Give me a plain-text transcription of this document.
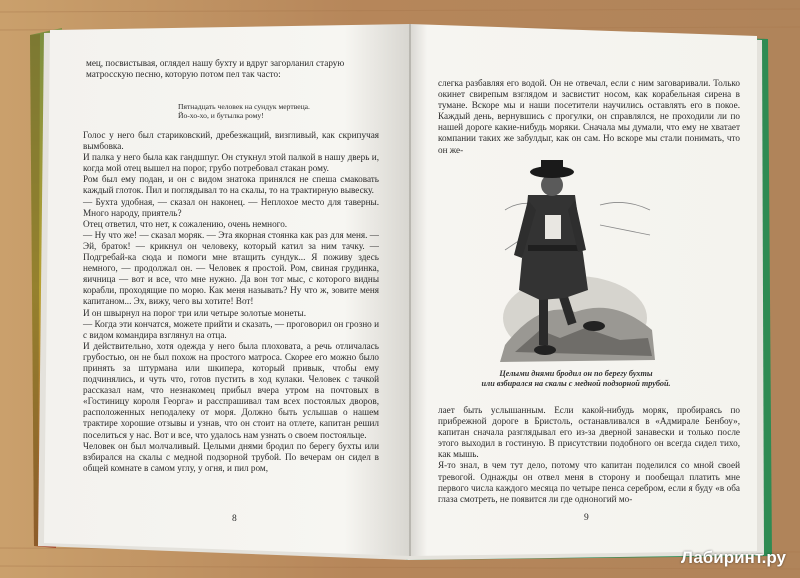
мец, посвистывая, оглядел нашу бухту и вдруг загорланил старую

матросскую песню, которую потом пел так часто:

Пятнадцать человек на сундук мертвеца.
Йо-хо-хо, и бутылка рому!

Голос у него был стариковский, дребезжащий, визгливый, как скрипучая вымбовка.

И палка у него была как гандшпуг. Он стукнул этой палкой в нашу дверь и, когда мой отец вышел на порог, грубо потребовал стакан рому.

Ром был ему подан, и он с видом знатока принялся не спеша смаковать каждый глоток. Пил и поглядывал то на скалы, то на трактирную вывеску.

— Бухта удобная, — сказал он наконец. — Неплохое место для таверны. Много народу, приятель?

Отец ответил, что нет, к сожалению, очень немного.

— Ну что же! — сказал моряк. — Эта якорная стоянка как раз для меня. — Эй, браток! — крикнул он человеку, который катил за ним тачку. — Подгребай-ка сюда и помоги мне втащить сундук... Я поживу здесь немного, — продолжал он. — Человек я простой. Ром, свиная грудинка, яичница — вот и все, что мне нужно. Да вон тот мыс, с которого видны корабли, проходящие по морю. Как меня называть? Ну что ж, зовите меня капитаном... Эх, вижу, чего вы хотите! Вот!

И он швырнул на порог три или четыре золотые монеты.

— Когда эти кончатся, можете прийти и сказать, — проговорил он грозно и с видом командира взглянул на отца.

И действительно, хотя одежда у него была плоховата, а речь отличалась грубостью, он не был похож на простого матроса. Скорее его можно было принять за штурмана или шкипера, который привык, чтобы ему подчинялись, и чуть что, готов пустить в ход кулаки. Человек с тачкой рассказал нам, что незнакомец прибыл вчера утром на почтовых в «Гостиницу короля Георга» и расспрашивал там всех постоялых дворов, расположенных неподалеку от моря. Должно быть услышав о нашем трактире хорошие отзывы и узнав, что он стоит на отлете, капитан решил поселиться у нас. Вот и все, что удалось нам узнать о своем постояльце.

Человек он был молчаливый. Целыми днями бродил по берегу бухты или взбирался на скалы с медной подзорной трубой. По вечерам он сидел в общей комнате в самом углу, у огня, и пил ром,

8

слегка разбавляя его водой. Он не отвечал, если с ним заговаривали. Только окинет свирепым взглядом и засвистит носом, как корабельная сирена в тумане. Вскоре мы и наши посетители научились оставлять его в покое. Каждый день, вернувшись с прогулки, он справлялся, не проходили ли по нашей дороге какие-нибудь моряки. Сначала мы думали, что ему не хватает компании таких же забулдыг, как он сам. Но вскоре мы стали понимать, что он же-

Целыми днями бродил он по берегу бухты
или взбирался на скалы с медной подзорной трубой.

лает быть услышанным. Если какой-нибудь моряк, пробираясь по прибрежной дороге в Бристоль, останавливался в «Адмирале Бенбоу», капитан сначала разглядывал его из-за дверной занавески и только после этого выходил в гостиную. В присутствии подобного он всегда сидел тихо, как мышь.

Я-то знал, в чем тут дело, потому что капитан поделился со мной своей тревогой. Однажды он отвел меня в сторону и пообещал платить мне первого числа каждого месяца по четыре пенса серебром, если я буду «в оба глаза смотреть, не появится ли где одноногий мо-

9
Лабиринт.ру
